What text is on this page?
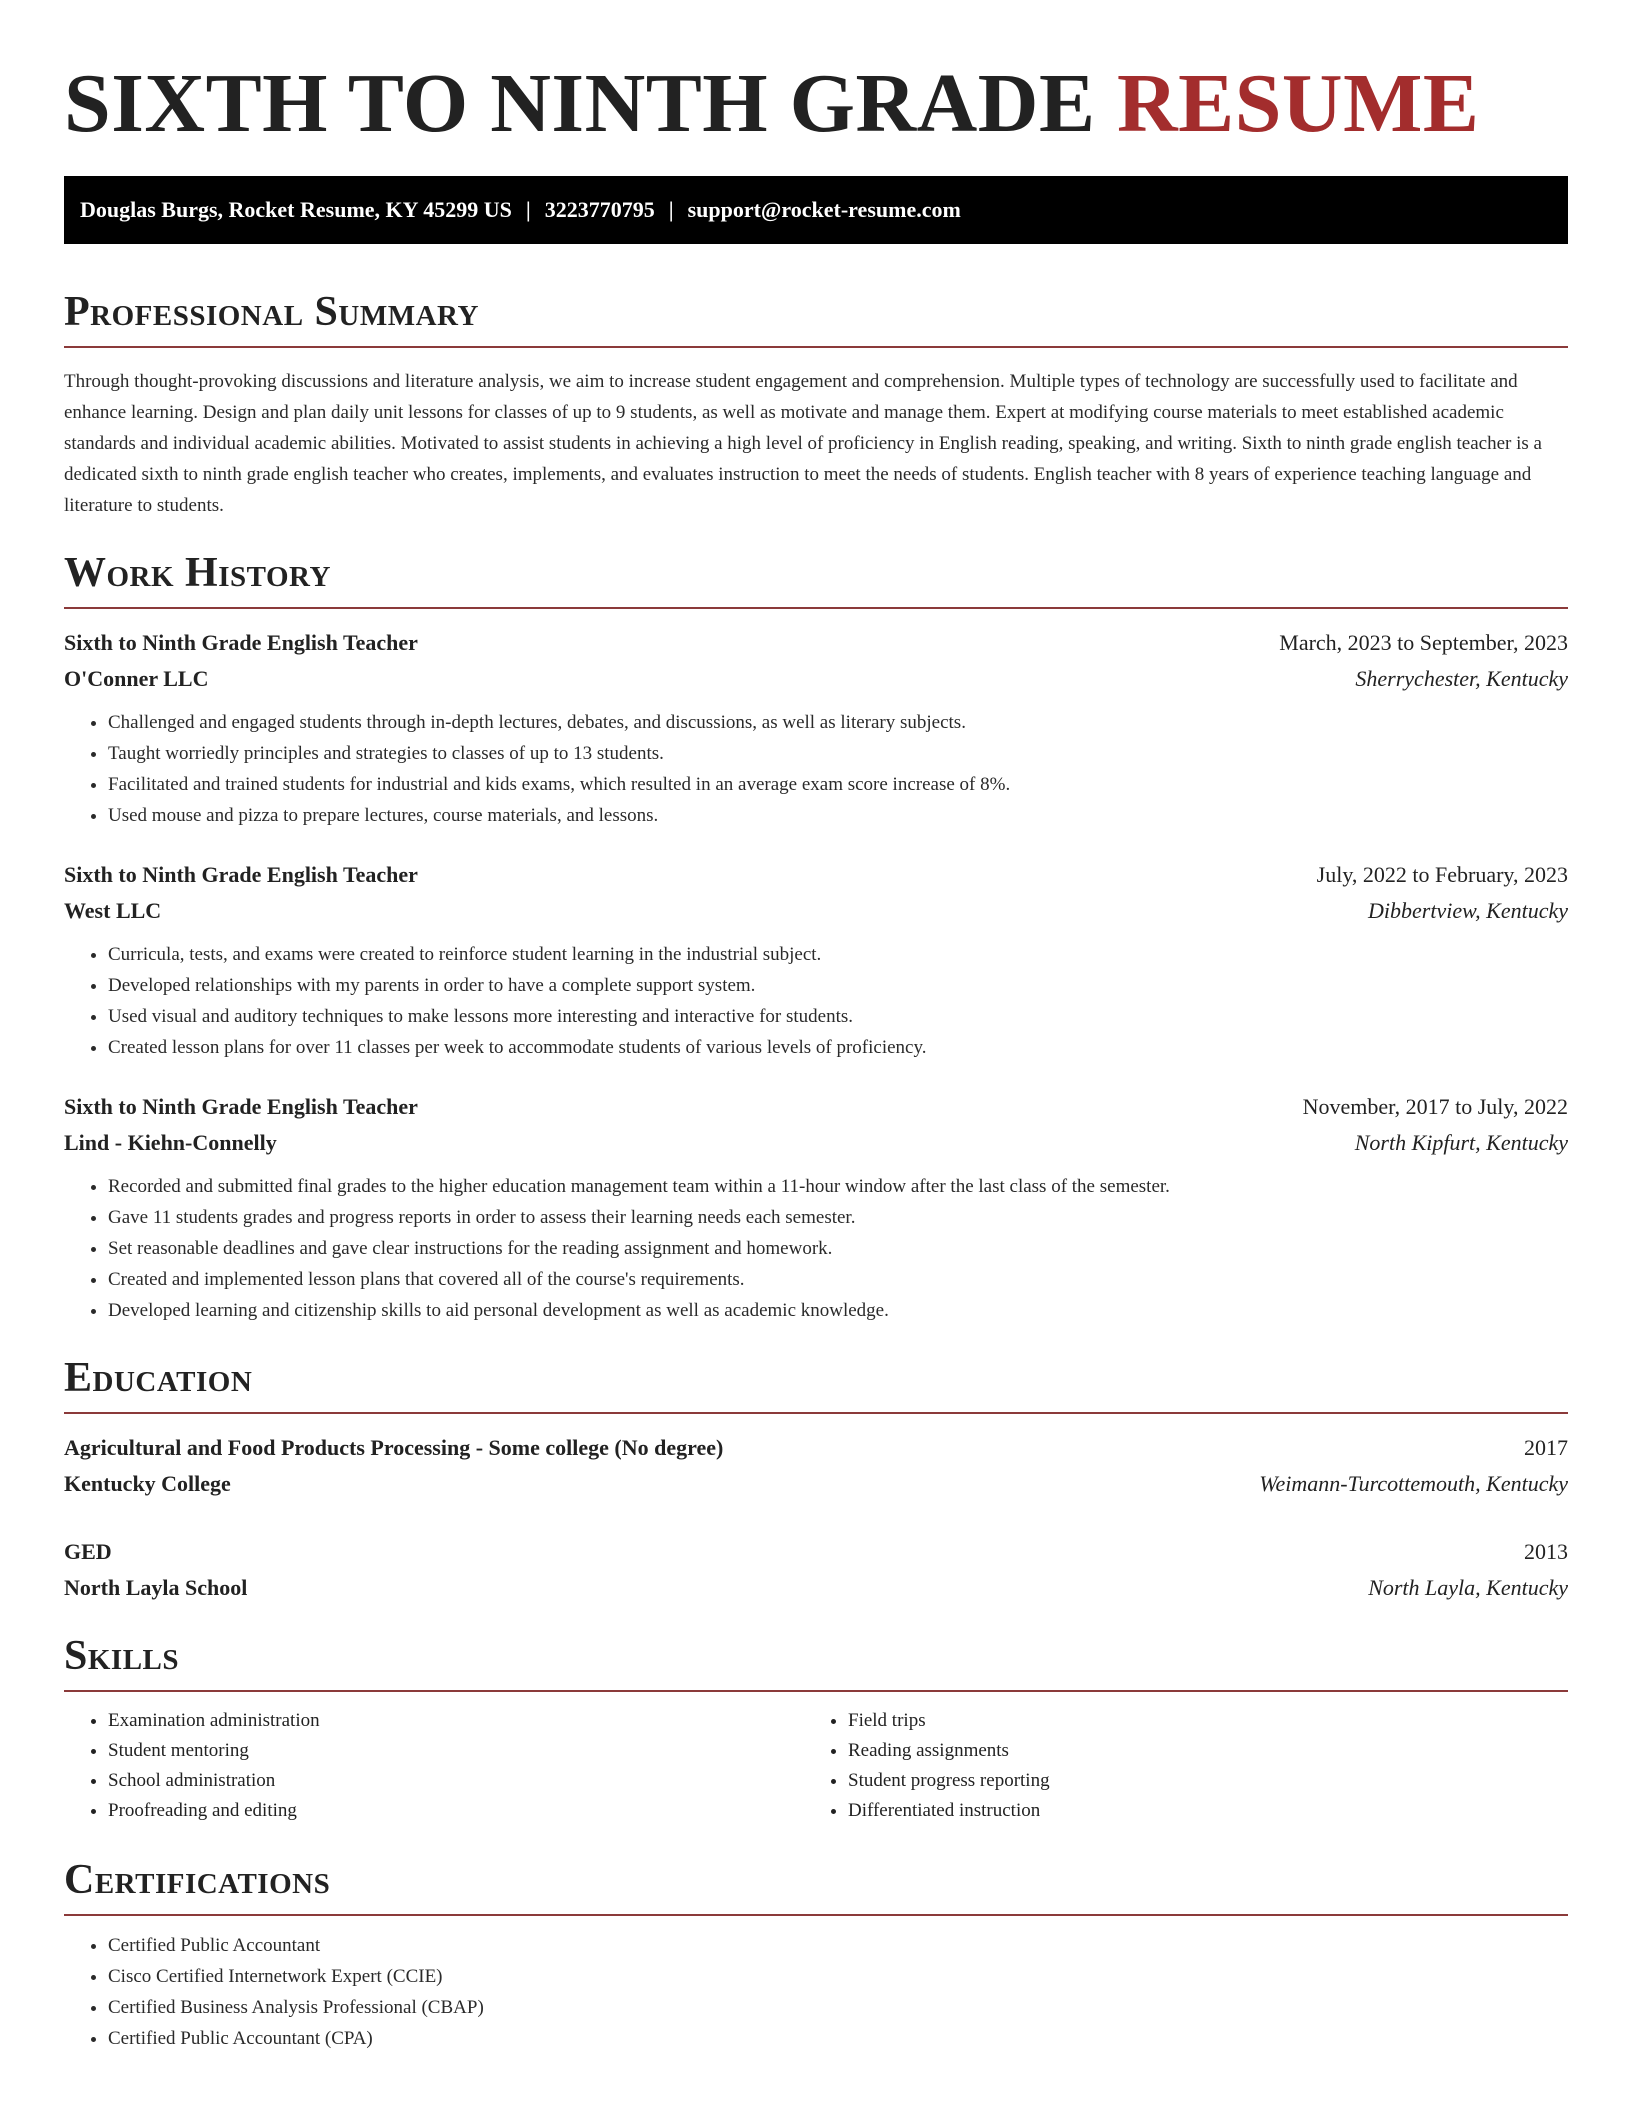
SIXTH TO NINTH GRADE RESUME
Douglas Burgs, Rocket Resume, KY 45299 US | 3223770795 | support@rocket-resume.com
Professional Summary

Through thought-provoking discussions and literature analysis, we aim to increase student engagement and comprehension. Multiple types of technology are successfully used to facilitate and enhance learning. Design and plan daily unit lessons for classes of up to 9 students, as well as motivate and manage them. Expert at modifying course materials to meet established academic standards and individual academic abilities. Motivated to assist students in achieving a high level of proficiency in English reading, speaking, and writing. Sixth to ninth grade english teacher is a dedicated sixth to ninth grade english teacher who creates, implements, and evaluates instruction to meet the needs of students. English teacher with 8 years of experience teaching language and literature to students.

Work History
Sixth to Ninth Grade English Teacher	March, 2023 to September, 2023
O'Conner LLC	Sherrychester, Kentucky
• Challenged and engaged students through in-depth lectures, debates, and discussions, as well as literary subjects.
• Taught worriedly principles and strategies to classes of up to 13 students.
• Facilitated and trained students for industrial and kids exams, which resulted in an average exam score increase of 8%.
• Used mouse and pizza to prepare lectures, course materials, and lessons.
Sixth to Ninth Grade English Teacher	July, 2022 to February, 2023
West LLC	Dibbertview, Kentucky
• Curricula, tests, and exams were created to reinforce student learning in the industrial subject.
• Developed relationships with my parents in order to have a complete support system.
• Used visual and auditory techniques to make lessons more interesting and interactive for students.
• Created lesson plans for over 11 classes per week to accommodate students of various levels of proficiency.
Sixth to Ninth Grade English Teacher	November, 2017 to July, 2022
Lind - Kiehn-Connelly	North Kipfurt, Kentucky
• Recorded and submitted final grades to the higher education management team within a 11-hour window after the last class of the semester.
• Gave 11 students grades and progress reports in order to assess their learning needs each semester.
• Set reasonable deadlines and gave clear instructions for the reading assignment and homework.
• Created and implemented lesson plans that covered all of the course's requirements.
• Developed learning and citizenship skills to aid personal development as well as academic knowledge.
Education
Agricultural and Food Products Processing - Some college (No degree)	2017
Kentucky College	Weimann-Turcottemouth, Kentucky
GED	2013
North Layla School	North Layla, Kentucky
Skills
• Examination administration
• Student mentoring
• School administration
• Proofreading and editing
• Field trips
• Reading assignments
• Student progress reporting
• Differentiated instruction
Certifications
• Certified Public Accountant
• Cisco Certified Internetwork Expert (CCIE)
• Certified Business Analysis Professional (CBAP)
• Certified Public Accountant (CPA)
